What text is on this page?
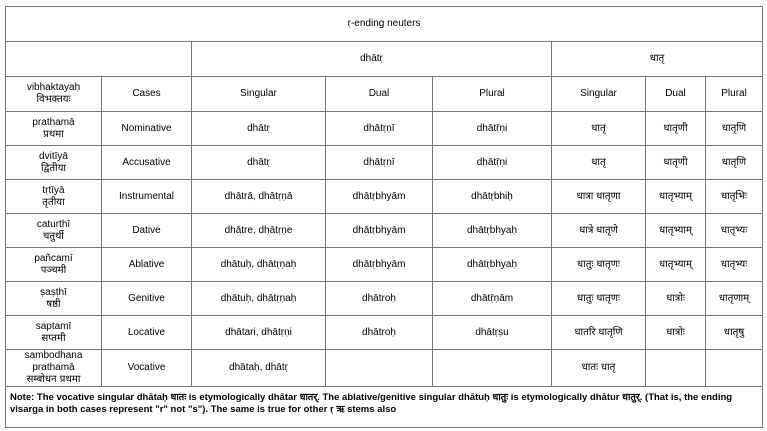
ṛ-ending neuters							
		dhātṛ			धातृ		

vibhaktayaḥ
विभक्तयः	Cases	Singular	Dual	Plural	Singular	Dual	Plural

prathamā
प्रथमा	Nominative	dhātṛ	dhātṛṇī	dhātṝṇi	धातृ	धातृणी	धातृणि

dvitīyā
द्वितीया	Accusative	dhātṛ	dhātṛṇī	dhātṝṇi	धातृ	धातृणी	धातृणि

tṛtīyā
तृतीया	Instrumental	dhātrā, dhātṛṇā	dhātṛbhyām	dhātṛbhiḥ	धात्रा धातृणा	धातृभ्याम्	धातृभिः

caturthī
चतुर्थी	Dative	dhātre, dhātṛṇe	dhātṛbhyām	dhātṛbhyaḥ	धात्रे धातृणे	धातृभ्याम्	धातृभ्यः

pañcamī
पञ्चमी	Ablative	dhātuḥ, dhātṛṇaḥ	dhātṛbhyām	dhātṛbhyaḥ	धातुः धातृणः	धातृभ्याम्	धातृभ्यः

ṣaṣṭhī
षष्ठी	Genitive	dhātuḥ, dhātṛṇaḥ	dhātroḥ	dhātṝṇām	धातुः धातृणः	धात्रोः	धातृणाम्

saptamī
सप्तमी	Locative	dhātari, dhātṛṇi	dhātroḥ	dhātṛṣu	धातरि धातृणि	धात्रोः	धातृषु

sambodhana
prathamā
सम्बोधन प्रथमा	Vocative	dhātaḥ, dhātṛ			धातः धातृ		
Note: The vocative singular dhātaḥ धातः is etymologically dhātar धातर्. The ablative/genitive singular dhātuḥ धातुः is etymologically dhātur धातुर्. (That is, the ending visarga in both cases represent "r" not "s"). The same is true for other ṛ ऋ stems also							
